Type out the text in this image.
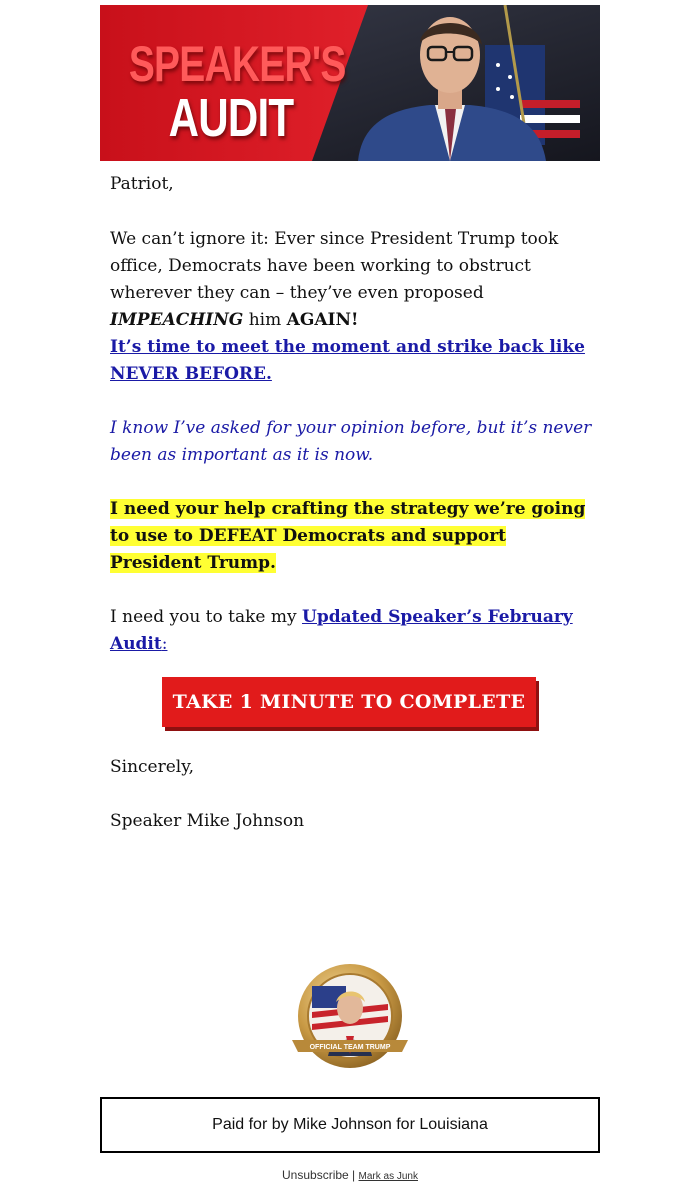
SPEAKER'S
AUDIT

Patriot,

We can’t ignore it: Ever since President Trump took office, Democrats have been working to obstruct wherever they can – they’ve even proposed IMPEACHING him AGAIN!

It’s time to meet the moment and strike back like NEVER BEFORE.

I know I’ve asked for your opinion before, but it’s never been as important as it is now.

I need your help crafting the strategy we’re going to use to DEFEAT Democrats and support President Trump.

I need you to take my Updated Speaker’s February Audit:

TAKE 1 MINUTE TO COMPLETE

Sincerely,

Speaker Mike Johnson

OFFICIAL TEAM TRUMP
Paid for by Mike Johnson for Louisiana
Unsubscribe | Mark as Junk
